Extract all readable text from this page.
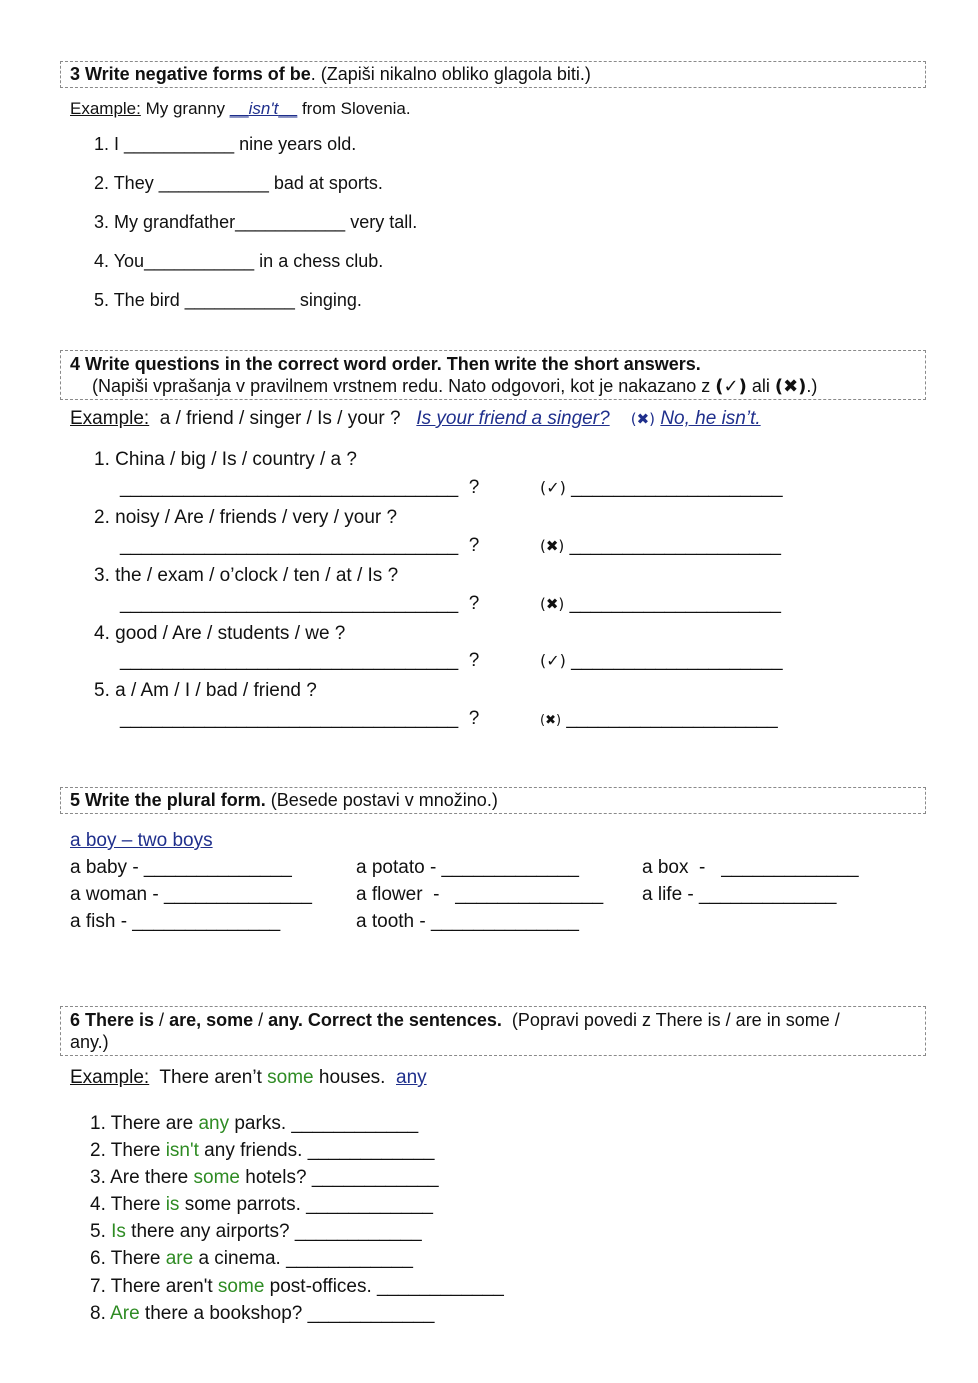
3 Write negative forms of be. (Zapiši nikalno obliko glagola biti.)
Example: My granny __isn't__ from Slovenia.
1. I ___________ nine years old.
2. They ___________ bad at sports.
3. My grandfather___________ very tall.
4. You___________ in a chess club.
5. The bird ___________ singing.
4 Write questions in the correct word order. Then write the short answers.
(Napiši vprašanja v pravilnem vrstnem redu. Nato odgovori, kot je nakazano z (✓) ali (✖).)
Example:  a / friend / singer / Is / your ?   Is your friend a singer? (✖) No, he isn’t.
1. China / big / Is / country / a ?
________________________________  ?	(✓) ____________________
2. noisy / Are / friends / very / your ?
________________________________  ?	(✖) ____________________
3. the / exam / o’clock / ten / at / Is ?
________________________________  ?	(✖) ____________________
4. good / Are / students / we ?
________________________________  ?	(✓) ____________________
5. a / Am / I / bad / friend ?
________________________________  ?	(✖) ____________________
5 Write the plural form. (Besede postavi v množino.)
a boy – two boys
a baby - ______________	a potato - _____________	a box  -   _____________
a woman - ______________ a flower  -   ______________ a life - _____________
a fish - ______________	a tooth - ______________
6 There is / are, some / any. Correct the sentences.  (Popravi povedi z There is / are in some /
any.)
Example:  There aren’t some houses.  any
1. There are any parks. ____________
2. There isn't any friends. ____________
3. Are there some hotels? ____________
4. There is some parrots. ____________
5. Is there any airports? ____________
6. There are a cinema. ____________
7. There aren't some post-offices. ____________
8. Are there a bookshop? ____________
